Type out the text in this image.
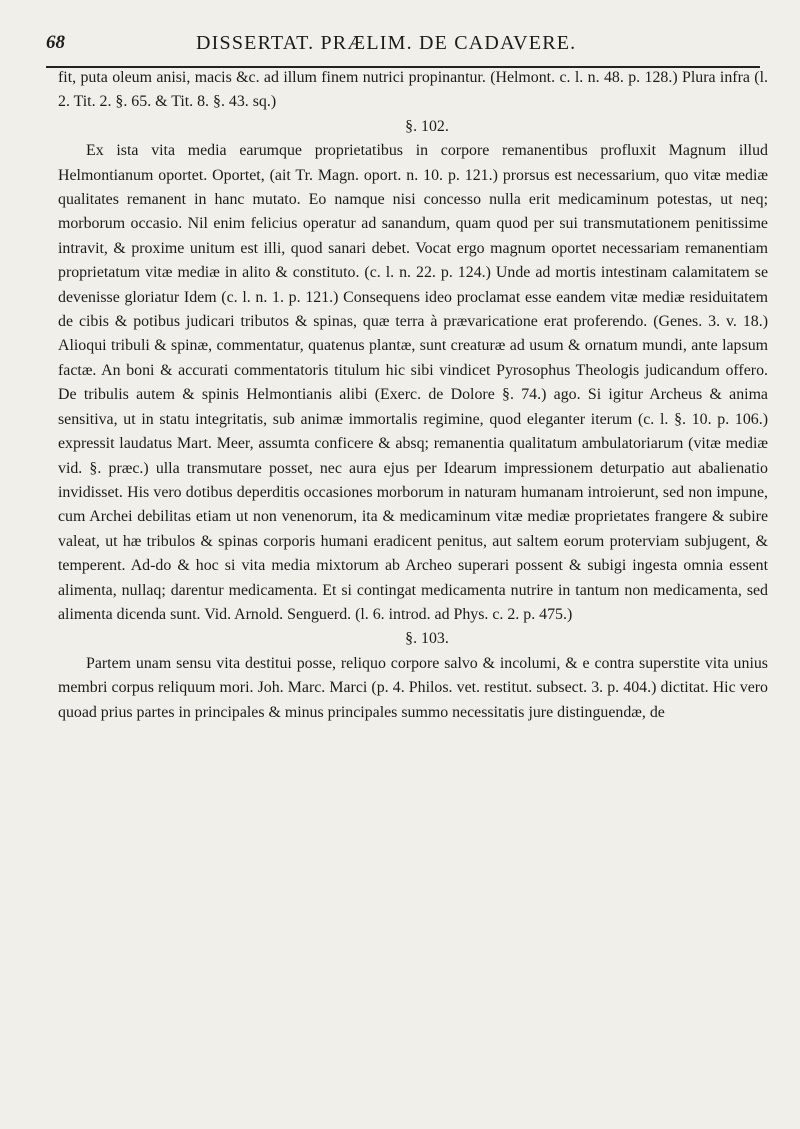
68	DISSERTAT. PRÆLIM. DE CADAVERE.

fit, puta oleum anisi, macis &c. ad illum finem nutrici propinantur. (Helmont. c. l. n. 48. p. 128.) Plura infra (l. 2. Tit. 2. §. 65. & Tit. 8. §. 43. sq.)

§. 102.

Ex ista vita media earumque proprietatibus in corpore remanentibus profluxit Magnum illud Helmontianum oportet. Oportet, (ait Tr. Magn. oport. n. 10. p. 121.) prorsus est necessarium, quo vitæ mediæ qualitates remanent in hanc mutato. Eo namque nisi concesso nulla erit medicaminum potestas, ut neq; morborum occasio. Nil enim felicius operatur ad sanandum, quam quod per sui transmutationem penitissime intravit, & proxime unitum est illi, quod sanari debet. Vocat ergo magnum oportet necessariam remanentiam proprietatum vitæ mediæ in alito & constituto. (c. l. n. 22. p. 124.) Unde ad mortis intestinam calamitatem se devenisse gloriatur Idem (c. l. n. 1. p. 121.) Consequens ideo proclamat esse eandem vitæ mediæ residuitatem de cibis & potibus judicari tributos & spinas, quæ terra à prævaricatione erat proferendo. (Genes. 3. v. 18.) Alioqui tribuli & spinæ, commentatur, quatenus plantæ, sunt creaturæ ad usum & ornatum mundi, ante lapsum factæ. An boni & accurati commentatoris titulum hic sibi vindicet Pyrosophus Theologis judicandum offero. De tribulis autem & spinis Helmontianis alibi (Exerc. de Dolore §. 74.) ago. Si igitur Archeus & anima sensitiva, ut in statu integritatis, sub animæ immortalis regimine, quod eleganter iterum (c. l. §. 10. p. 106.) expressit laudatus Mart. Meer, assumta conficere & absq; remanentia qualitatum ambulatoriarum (vitæ mediæ vid. §. præc.) ulla transmutare posset, nec aura ejus per Idearum impressionem deturpatio aut abalienatio invidisset. His vero dotibus deperditis occasiones morborum in naturam humanam introierunt, sed non impune, cum Archei debilitas etiam ut non venenorum, ita & medicaminum vitæ mediæ proprietates frangere & subire valeat, ut hæ tribulos & spinas corporis humani eradicent penitus, aut saltem eorum proterviam subjugent, & temperent. Ad-do & hoc si vita media mixtorum ab Archeo superari possent & subigi ingesta omnia essent alimenta, nullaq; darentur medicamenta. Et si contingat medicamenta nutrire in tantum non medicamenta, sed alimenta dicenda sunt. Vid. Arnold. Senguerd. (l. 6. introd. ad Phys. c. 2. p. 475.)

§. 103.

Partem unam sensu vita destitui posse, reliquo corpore salvo & incolumi, & e contra superstite vita unius membri corpus reliquum mori. Joh. Marc. Marci (p. 4. Philos. vet. restitut. subsect. 3. p. 404.) dictitat. Hic vero quoad prius partes in principales & minus principales summo necessitatis jure distinguendæ, de
